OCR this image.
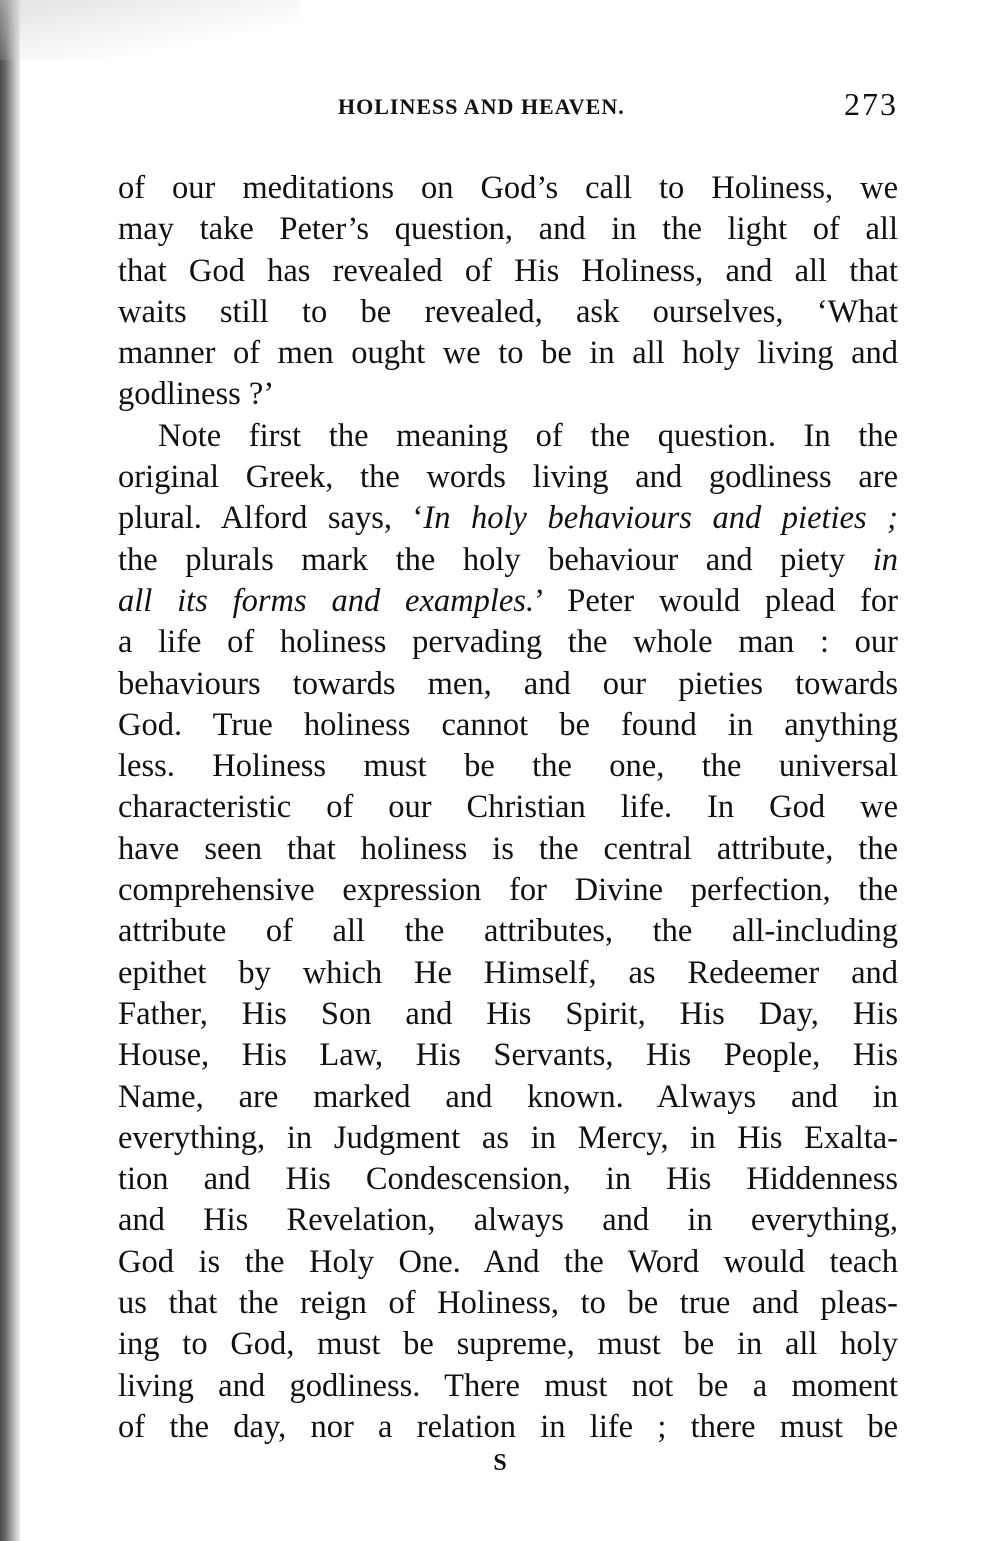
HOLINESS AND HEAVEN.	273
of our meditations on God’s call to Holiness, we
may take Peter’s question, and in the light of all
that God has revealed of His Holiness, and all that
waits still to be revealed, ask ourselves, ‘What
manner of men ought we to be in all holy living and
godliness ?’
Note first the meaning of the question. In the
original Greek, the words living and godliness are
plural. Alford says, ‘In holy behaviours and pieties ;
the plurals mark the holy behaviour and piety in
all its forms and examples.’ Peter would plead for
a life of holiness pervading the whole man : our
behaviours towards men, and our pieties towards
God. True holiness cannot be found in anything
less. Holiness must be the one, the universal
characteristic of our Christian life. In God we
have seen that holiness is the central attribute, the
comprehensive expression for Divine perfection, the
attribute of all the attributes, the all-including
epithet by which He Himself, as Redeemer and
Father, His Son and His Spirit, His Day, His
House, His Law, His Servants, His People, His
Name, are marked and known. Always and in
everything, in Judgment as in Mercy, in His Exalta-
tion and His Condescension, in His Hiddenness
and His Revelation, always and in everything,
God is the Holy One. And the Word would teach
us that the reign of Holiness, to be true and pleas-
ing to God, must be supreme, must be in all holy
living and godliness. There must not be a moment
of the day, nor a relation in life ; there must be
S
